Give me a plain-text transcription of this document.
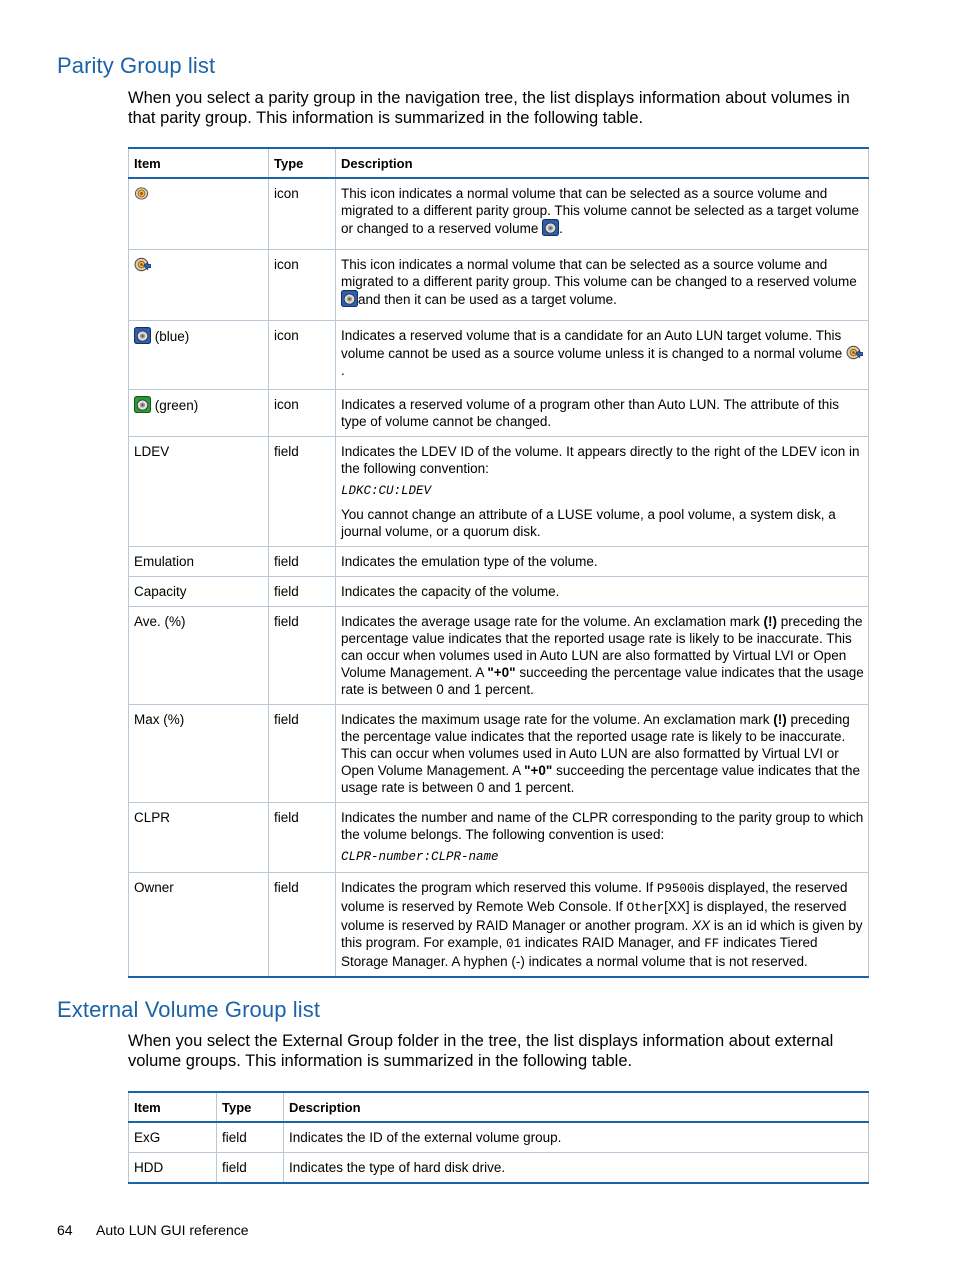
Parity Group list

When you select a parity group in the navigation tree, the list displays information about volumes in that parity group. This information is summarized in the following table.

Item	Type	Description
	icon	This icon indicates a normal volume that can be selected as a source volume and migrated to a different parity group. This volume cannot be selected as a target volume or changed to a reserved volume .
	icon	This icon indicates a normal volume that can be selected as a source volume and migrated to a different parity group. This volume can be changed to a reserved volume and then it can be used as a target volume.
(blue)	icon	Indicates a reserved volume that is a candidate for an Auto LUN target volume. This volume cannot be used as a source volume unless it is changed to a normal volume .
(green)	icon	Indicates a reserved volume of a program other than Auto LUN. The attribute of this type of volume cannot be changed.
LDEV	field	Indicates the LDEV ID of the volume. It appears directly to the right of the LDEV icon in the following convention:
LDKC:CU:LDEV
You cannot change an attribute of a LUSE volume, a pool volume, a system disk, a journal volume, or a quorum disk.

Emulation	field	Indicates the emulation type of the volume.
Capacity	field	Indicates the capacity of the volume.
Ave. (%)	field	Indicates the average usage rate for the volume. An exclamation mark (!) preceding the percentage value indicates that the reported usage rate is likely to be inaccurate. This can occur when volumes used in Auto LUN are also formatted by Virtual LVI or Open Volume Management. A "+0" succeeding the percentage value indicates that the usage rate is between 0 and 1 percent.
Max (%)	field	Indicates the maximum usage rate for the volume. An exclamation mark (!) preceding the percentage value indicates that the reported usage rate is likely to be inaccurate. This can occur when volumes used in Auto LUN are also formatted by Virtual LVI or Open Volume Management. A "+0" succeeding the percentage value indicates that the usage rate is between 0 and 1 percent.
CLPR	field	Indicates the number and name of the CLPR corresponding to the parity group to which the volume belongs. The following convention is used:
CLPR-number:CLPR-name

Owner	field	Indicates the program which reserved this volume. If P9500is displayed, the reserved volume is reserved by Remote Web Console. If Other[XX] is displayed, the reserved volume is reserved by RAID Manager or another program. XX is an id which is given by this program. For example, 01 indicates RAID Manager, and FF indicates Tiered Storage Manager. A hyphen (-) indicates a normal volume that is not reserved.
External Volume Group list

When you select the External Group folder in the tree, the list displays information about external volume groups. This information is summarized in the following table.

Item	Type	Description
ExG	field	Indicates the ID of the external volume group.
HDD	field	Indicates the type of hard disk drive.
64 Auto LUN GUI reference
